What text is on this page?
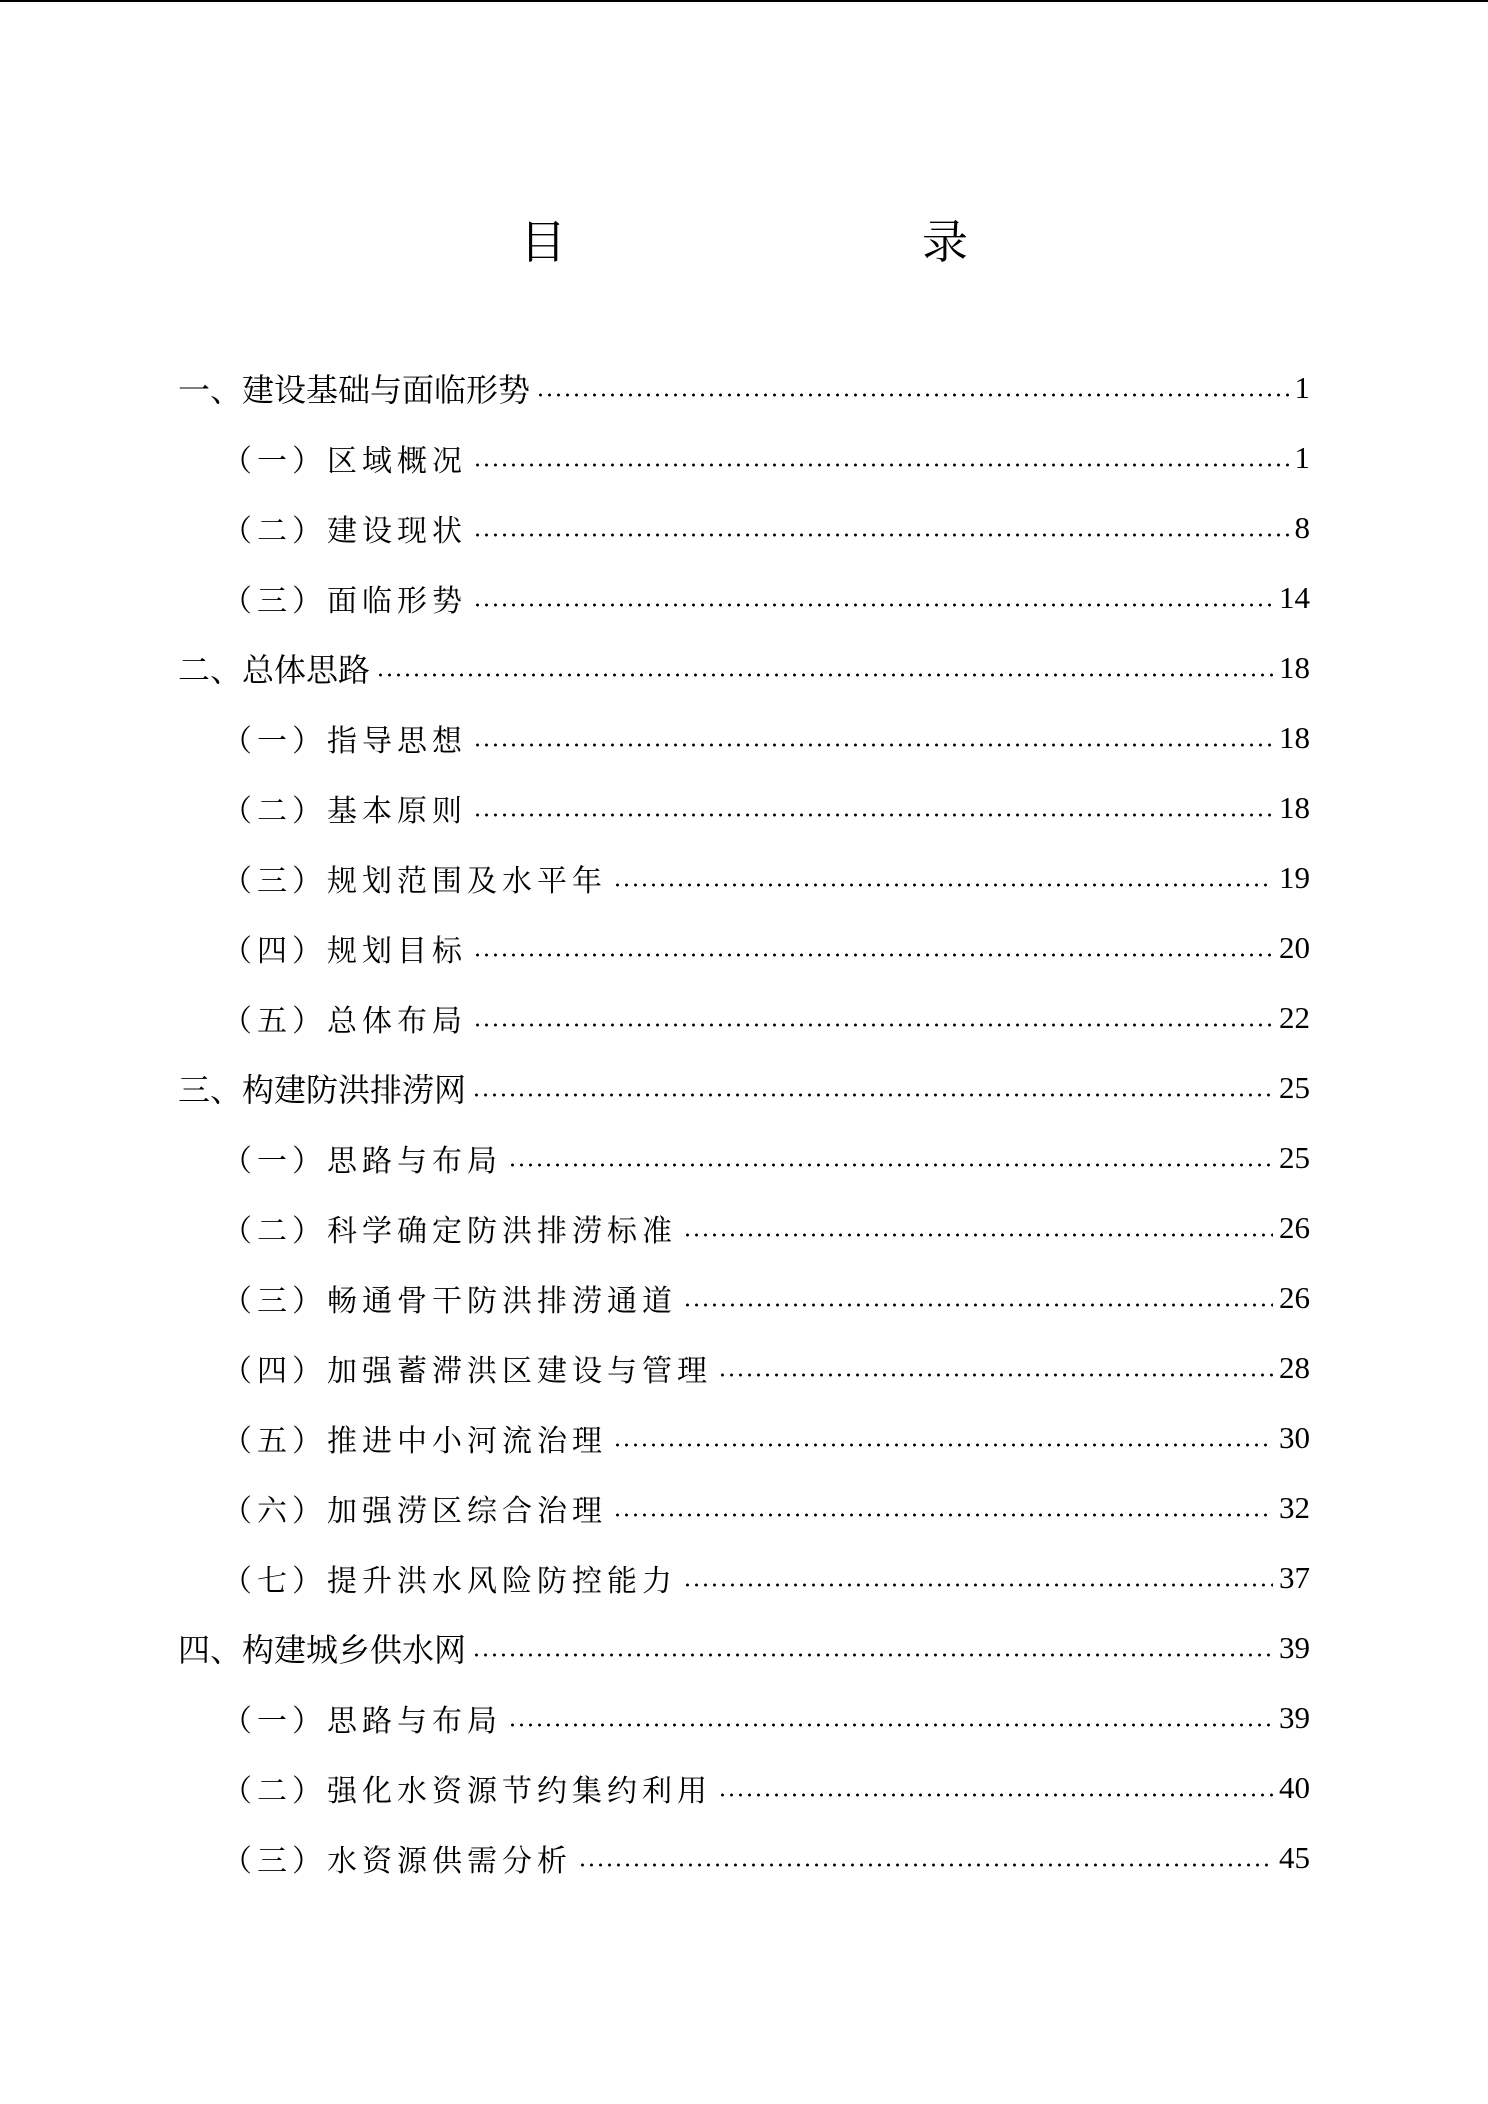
目　　录
一、建设基础与面临形势	1
（一）区域概况	1
（二）建设现状	8
（三）面临形势	14
二、总体思路	18
（一）指导思想	18
（二）基本原则	18
（三）规划范围及水平年	19
（四）规划目标	20
（五）总体布局	22
三、构建防洪排涝网	25
（一）思路与布局	25
（二）科学确定防洪排涝标准	26
（三）畅通骨干防洪排涝通道	26
（四）加强蓄滞洪区建设与管理	28
（五）推进中小河流治理	30
（六）加强涝区综合治理	32
（七）提升洪水风险防控能力	37
四、构建城乡供水网	39
（一）思路与布局	39
（二）强化水资源节约集约利用	40
（三）水资源供需分析	45
